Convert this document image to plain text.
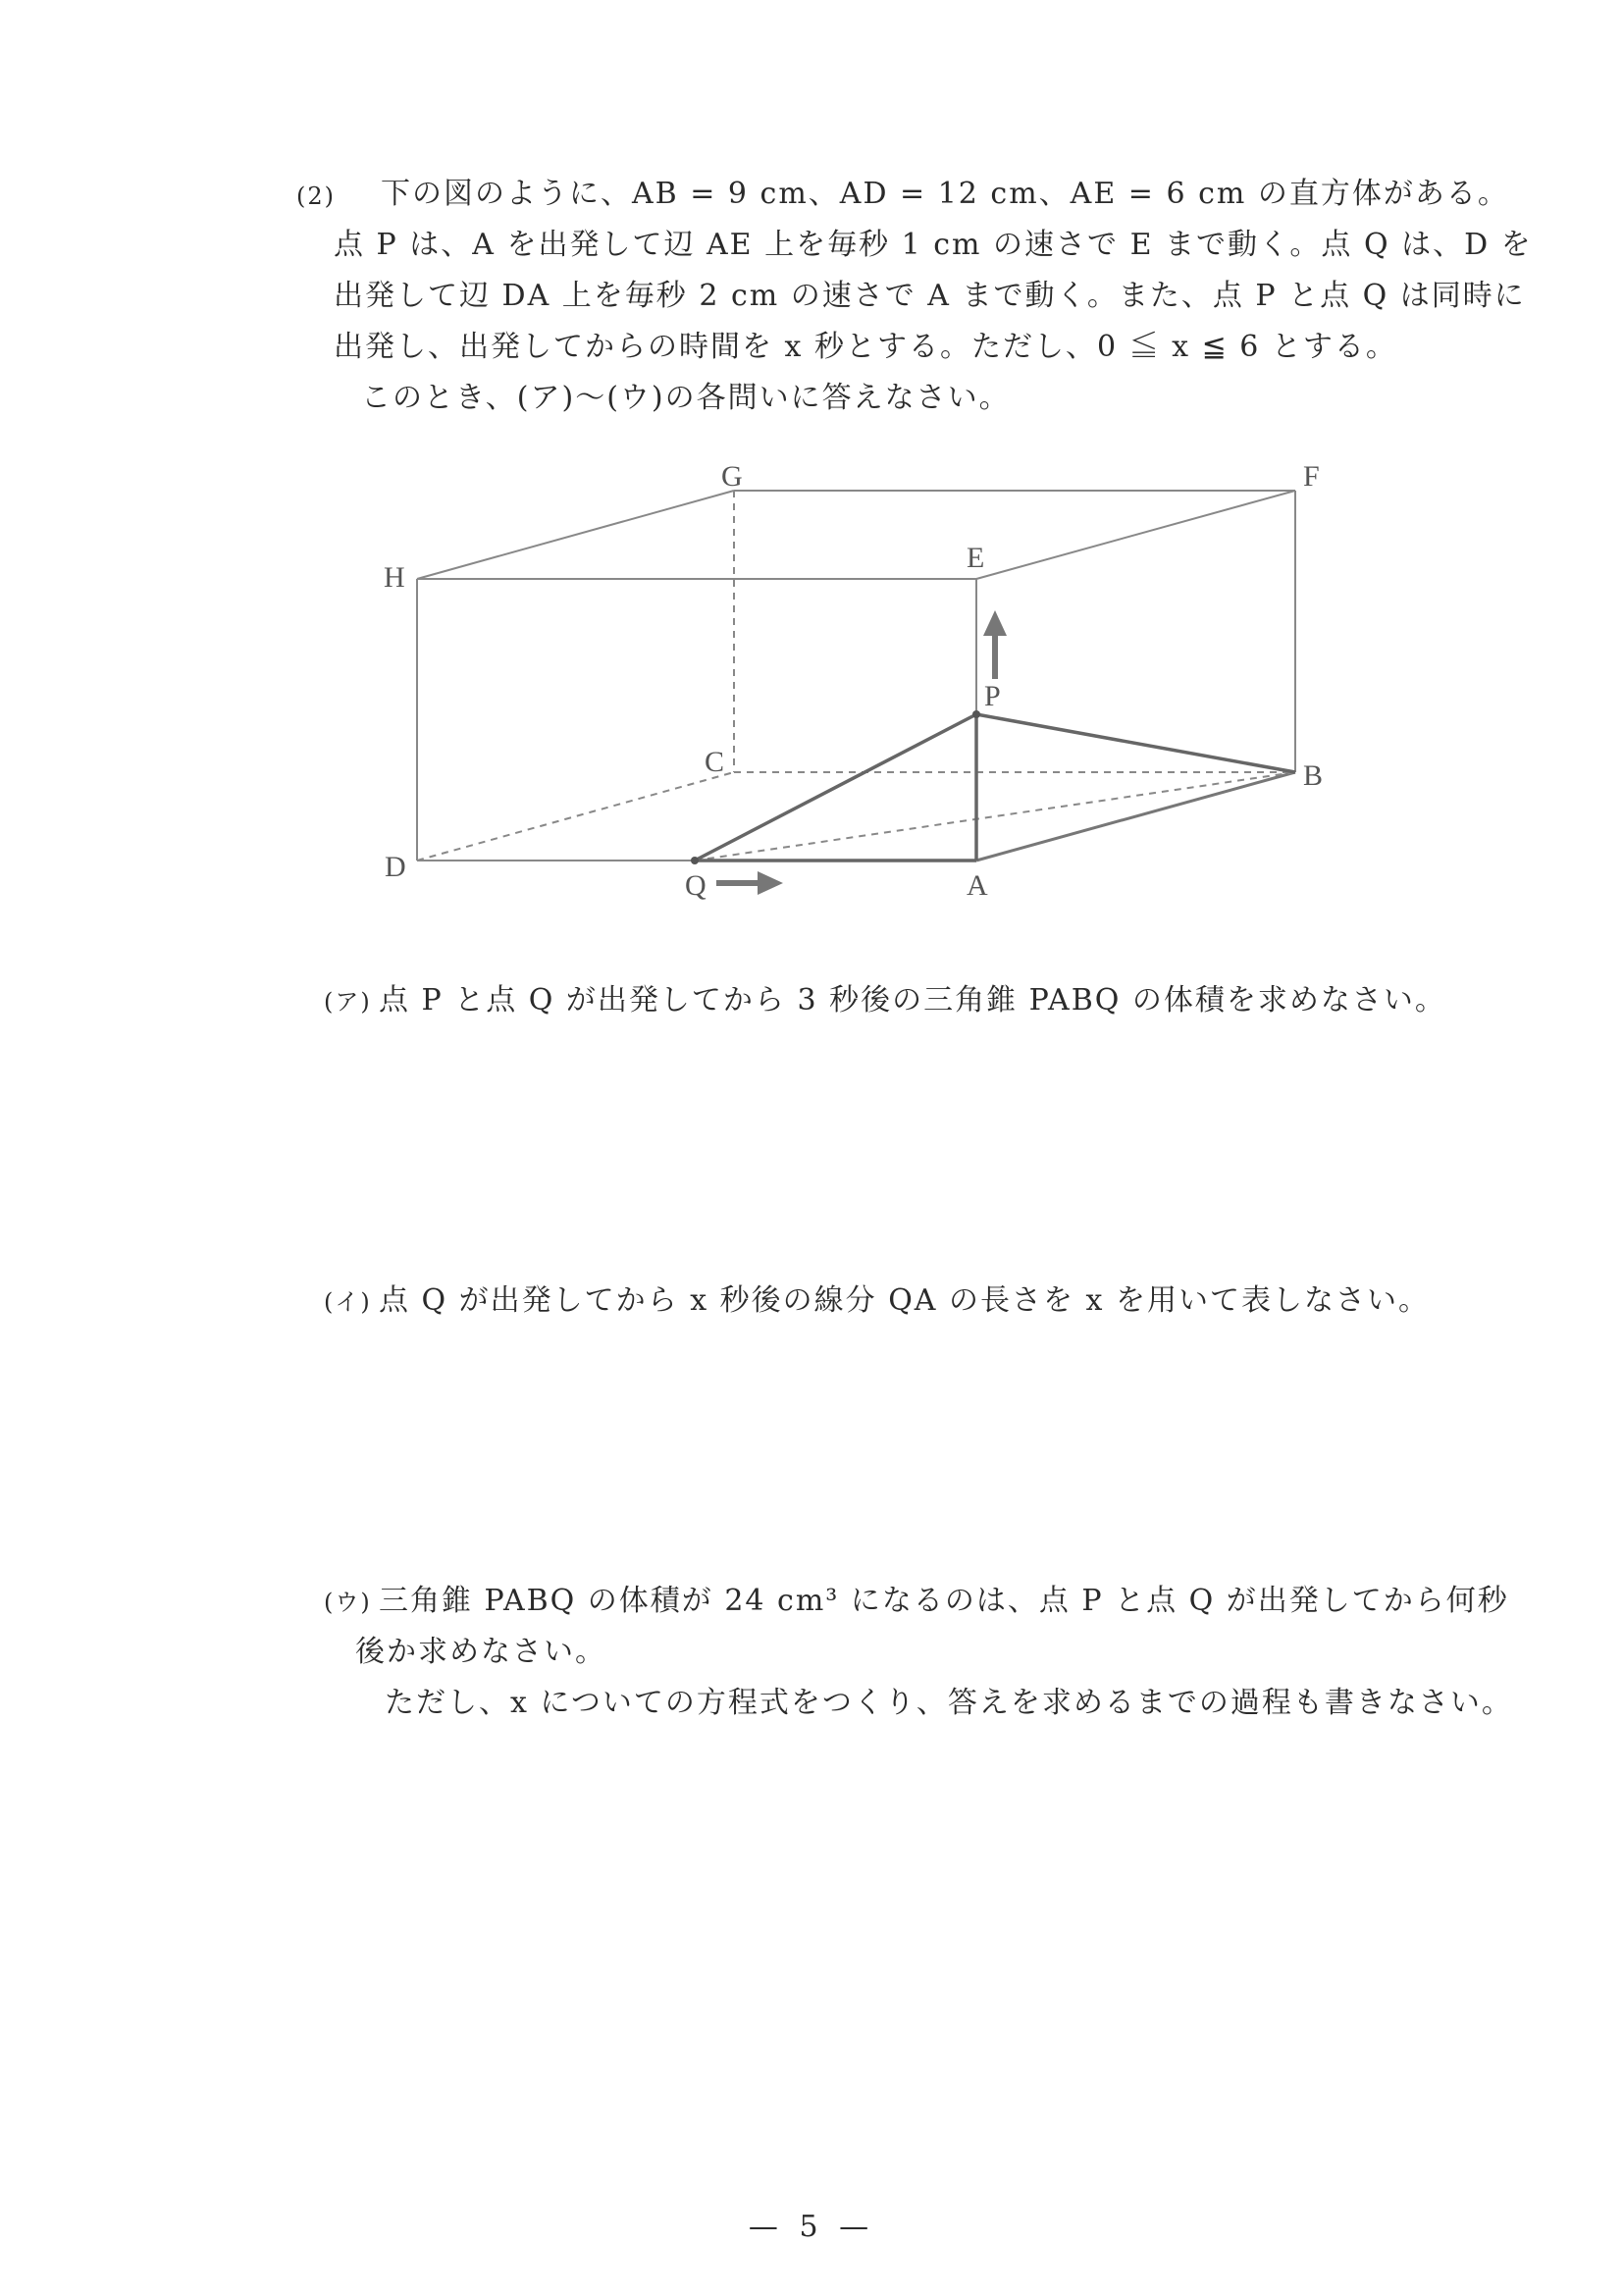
(2) 下の図のように、AB = 9 cm、AD = 12 cm、AE = 6 cm の直方体がある。
点 P は、A を出発して辺 AE 上を毎秒 1 cm の速さで E まで動く。点 Q は、D を
出発して辺 DA 上を毎秒 2 cm の速さで A まで動く。また、点 P と点 Q は同時に
出発し、出発してからの時間を x 秒とする。ただし、0 ≦ x ≦ 6 とする。
このとき、(ア)〜(ウ)の各問いに答えなさい。
G	F
H
E
P
C	B
D
Q	A
(ア) 点 P と点 Q が出発してから 3 秒後の三角錐 PABQ の体積を求めなさい。
(イ) 点 Q が出発してから x 秒後の線分 QA の長さを x を用いて表しなさい。
(ウ) 三角錐 PABQ の体積が 24 cm³ になるのは、点 P と点 Q が出発してから何秒
後か求めなさい。
ただし、x についての方程式をつくり、答えを求めるまでの過程も書きなさい。
— 5 —
